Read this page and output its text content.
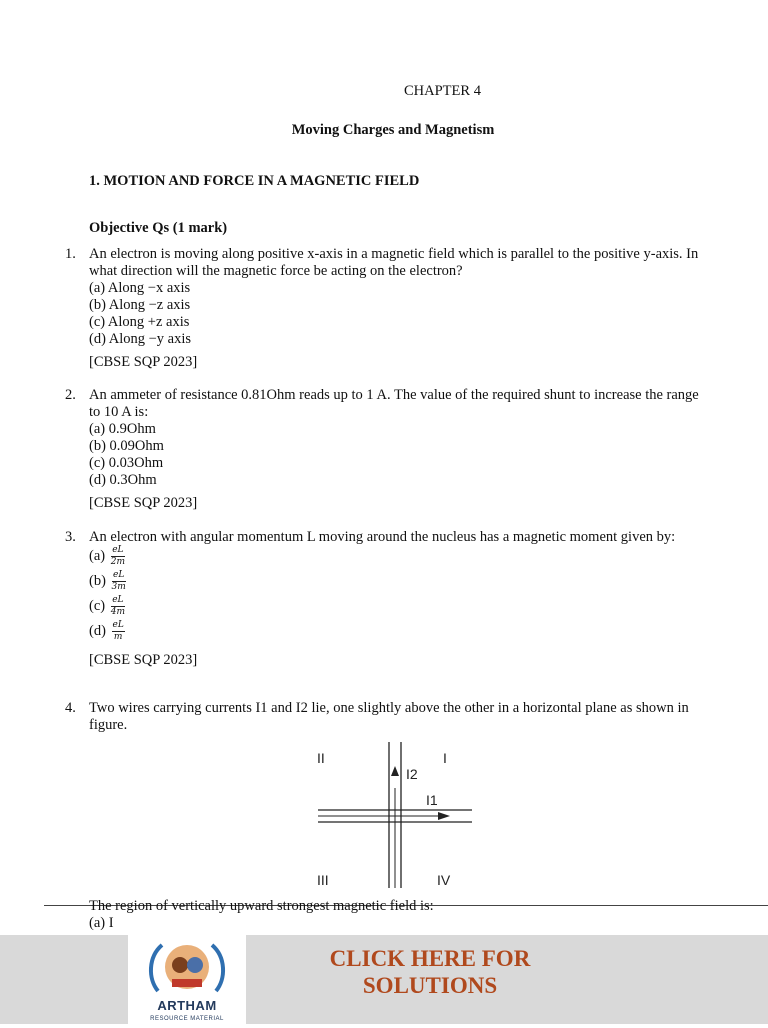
CHAPTER 4
Moving Charges and Magnetism
1. MOTION AND FORCE IN A MAGNETIC FIELD
Objective Qs (1 mark)
1. An electron is moving along positive x-axis in a magnetic field which is parallel to the positive y-axis. In what direction will the magnetic force be acting on the electron?
(a) Along −x axis
(b) Along −z axis
(c) Along +z axis
(d) Along −y axis
[CBSE SQP 2023]
2. An ammeter of resistance 0.81Ohm reads up to 1 A. The value of the required shunt to increase the range to 10 A is:
(a) 0.9Ohm
(b) 0.09Ohm
(c) 0.03Ohm
(d) 0.3Ohm
[CBSE SQP 2023]
3. An electron with angular momentum L moving around the nucleus has a magnetic moment given by:
$(a) \frac{eL}{2m}$
$(b) \frac{eL}{3m}$
$(c) \frac{eL}{4m}$
$(d) \frac{eL}{m}$
[CBSE SQP 2023]
4. Two wires carrying currents I1 and I2 lie, one slightly above the other in a horizontal plane as shown in figure.
II	I
III	IV
I2
I1
The region of vertically upward strongest magnetic field is:
(a) I
ARTHAM
RESOURCE MATERIAL
CLICK HERE FOR
SOLUTIONS
